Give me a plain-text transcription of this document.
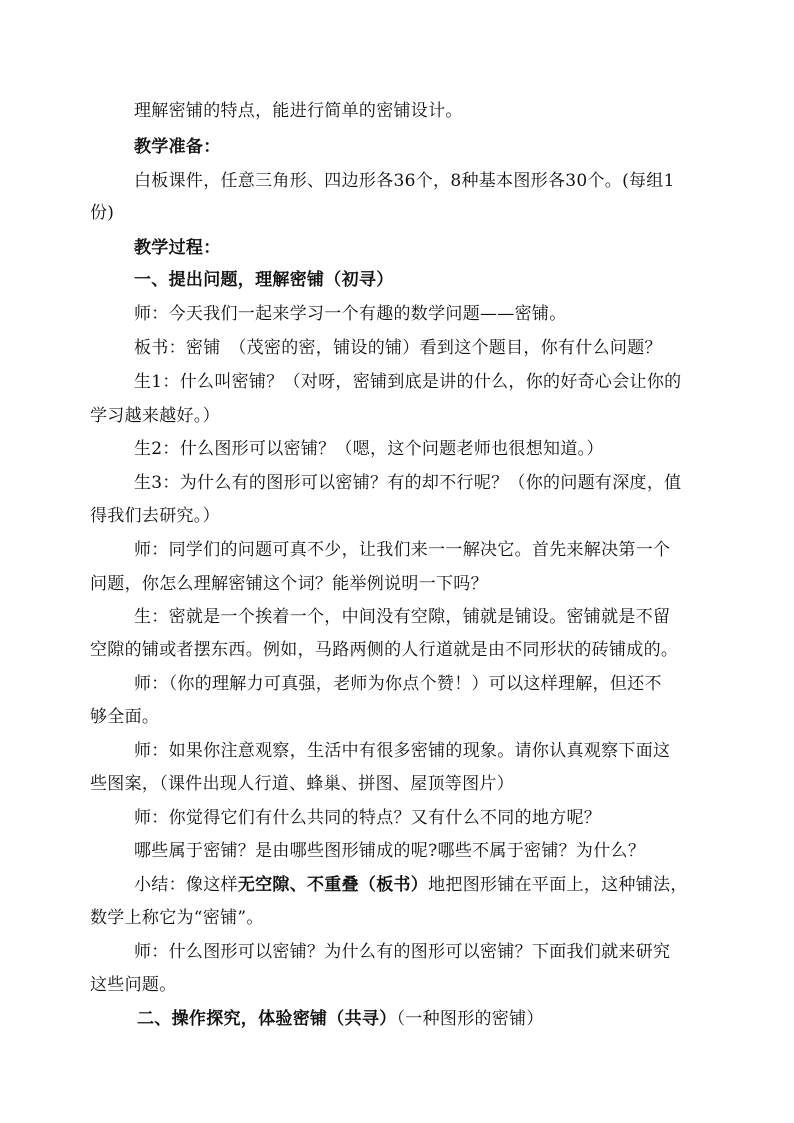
理解密铺的特点，能进行简单的密铺设计。
教学准备：
白板课件，任意三角形、四边形各36个，8种基本图形各30个。(每组1
份)
教学过程：
一、提出问题，理解密铺（初寻）
师：今天我们一起来学习一个有趣的数学问题——密铺。
板书：密铺　（茂密的密，铺设的铺）看到这个题目，你有什么问题？
生1：什么叫密铺？（对呀，密铺到底是讲的什么，你的好奇心会让你的
学习越来越好。）
生2：什么图形可以密铺？（嗯，这个问题老师也很想知道。）
生3：为什么有的图形可以密铺？有的却不行呢？（你的问题有深度，值
得我们去研究。）
师：同学们的问题可真不少，让我们来一一解决它。首先来解决第一个
问题，你怎么理解密铺这个词？能举例说明一下吗？
生：密就是一个挨着一个，中间没有空隙，铺就是铺设。密铺就是不留
空隙的铺或者摆东西。例如，马路两侧的人行道就是由不同形状的砖铺成的。
师：（你的理解力可真强，老师为你点个赞！）可以这样理解，但还不
够全面。
师：如果你注意观察，生活中有很多密铺的现象。请你认真观察下面这
些图案，（课件出现人行道、蜂巢、拼图、屋顶等图片）
师：你觉得它们有什么共同的特点？又有什么不同的地方呢？
哪些属于密铺？是由哪些图形铺成的呢?哪些不属于密铺？为什么？
小结：像这样无空隙、不重叠（板书）地把图形铺在平面上，这种铺法，
数学上称它为“密铺”。
师：什么图形可以密铺？为什么有的图形可以密铺？下面我们就来研究
这些问题。
二、操作探究，体验密铺（共寻）（一种图形的密铺）
